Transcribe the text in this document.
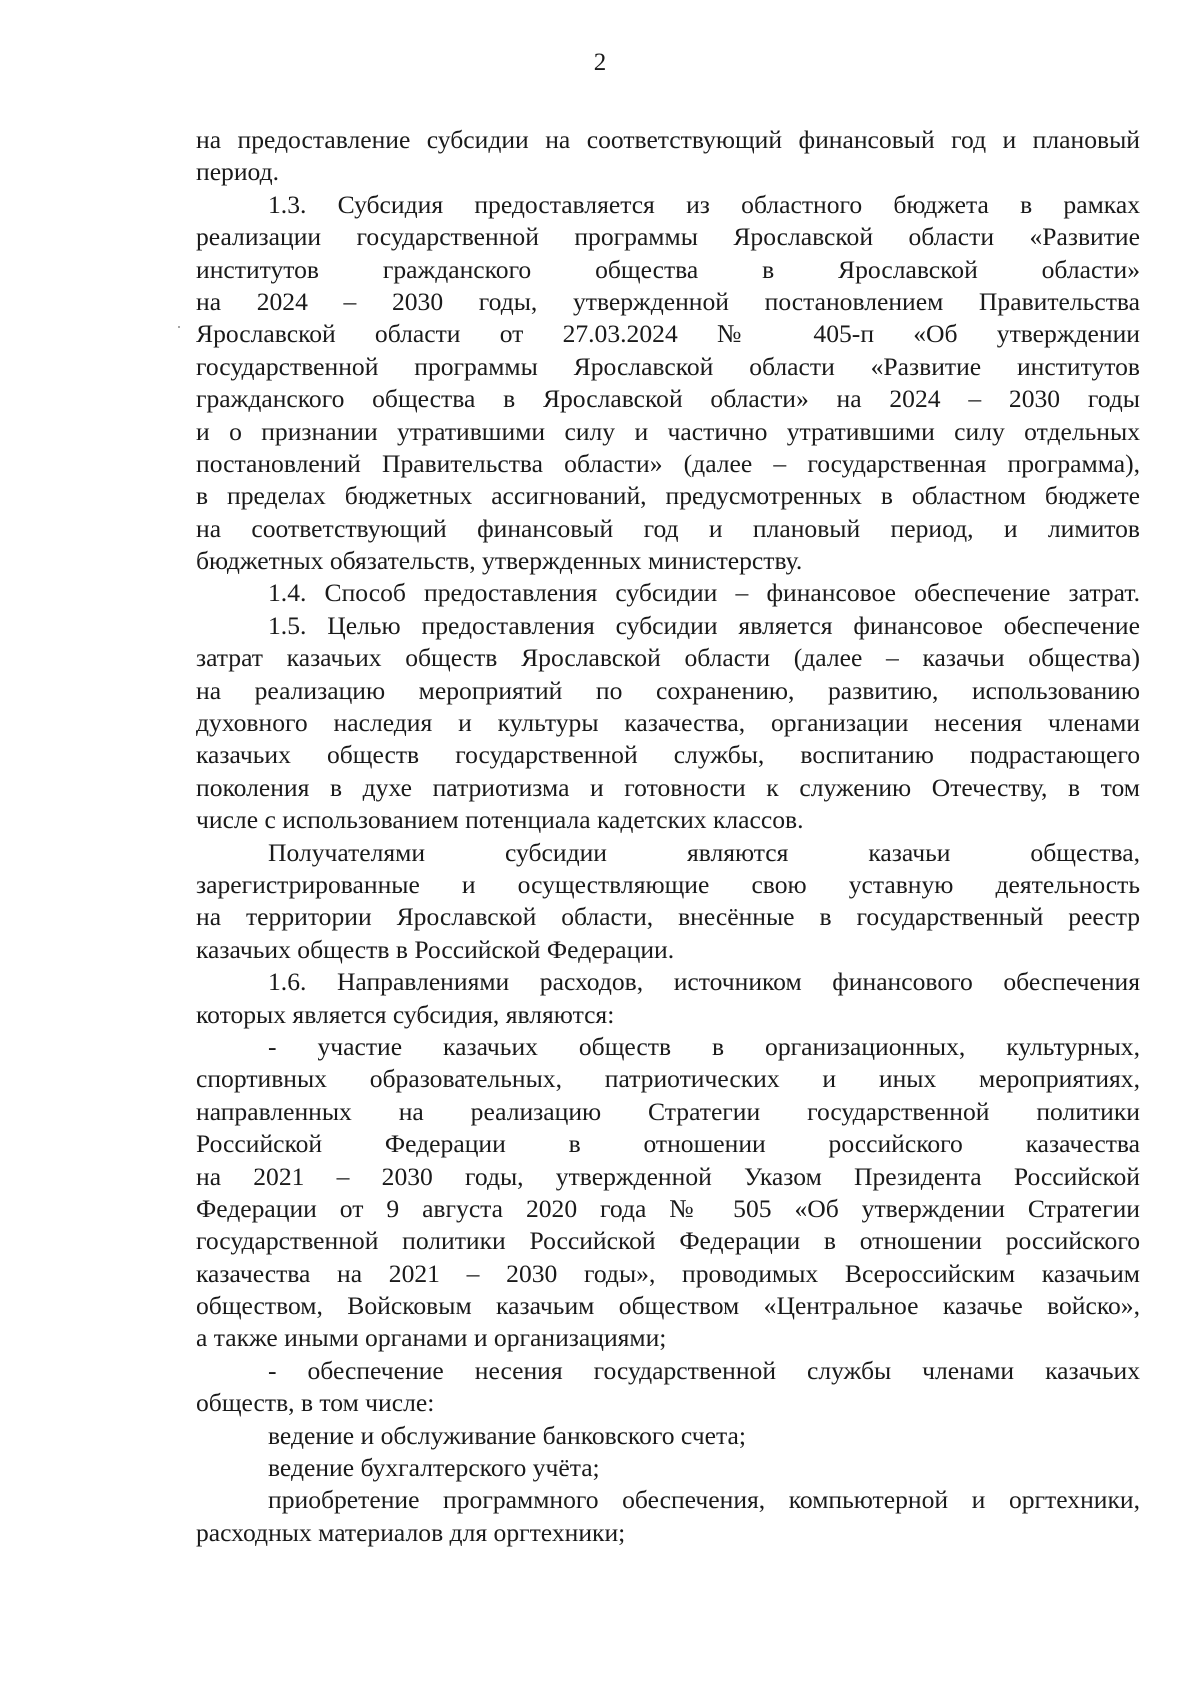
2
на предоставление субсидии на соответствующий финансовый год и плановый
период.
1.3. Субсидия предоставляется из областного бюджета в рамках
реализации государственной программы Ярославской области «Развитие
институтов гражданского общества в Ярославской области»
на 2024 – 2030 годы, утвержденной постановлением Правительства
Ярославской области от 27.03.2024 № 405-п «Об утверждении
государственной программы Ярославской области «Развитие институтов
гражданского общества в Ярославской области» на 2024 – 2030 годы
и о признании утратившими силу и частично утратившими силу отдельных
постановлений Правительства области» (далее – государственная программа),
в пределах бюджетных ассигнований, предусмотренных в областном бюджете
на соответствующий финансовый год и плановый период, и лимитов
бюджетных обязательств, утвержденных министерству.
1.4. Способ предоставления субсидии – финансовое обеспечение затрат.
1.5. Целью предоставления субсидии является финансовое обеспечение
затрат казачьих обществ Ярославской области (далее – казачьи общества)
на реализацию мероприятий по сохранению, развитию, использованию
духовного наследия и культуры казачества, организации несения членами
казачьих обществ государственной службы, воспитанию подрастающего
поколения в духе патриотизма и готовности к служению Отечеству, в том
числе с использованием потенциала кадетских классов.
Получателями субсидии являются казачьи общества,
зарегистрированные и осуществляющие свою уставную деятельность
на территории Ярославской области, внесённые в государственный реестр
казачьих обществ в Российской Федерации.
1.6. Направлениями расходов, источником финансового обеспечения
которых является субсидия, являются:
- участие казачьих обществ в организационных, культурных,
спортивных образовательных, патриотических и иных мероприятиях,
направленных на реализацию Стратегии государственной политики
Российской Федерации в отношении российского казачества
на 2021 – 2030 годы, утвержденной Указом Президента Российской
Федерации от 9 августа 2020 года № 505 «Об утверждении Стратегии
государственной политики Российской Федерации в отношении российского
казачества на 2021 – 2030 годы», проводимых Всероссийским казачьим
обществом, Войсковым казачьим обществом «Центральное казачье войско»,
а также иными органами и организациями;
- обеспечение несения государственной службы членами казачьих
обществ, в том числе:
ведение и обслуживание банковского счета;
ведение бухгалтерского учёта;
приобретение программного обеспечения, компьютерной и оргтехники,
расходных материалов для оргтехники;
